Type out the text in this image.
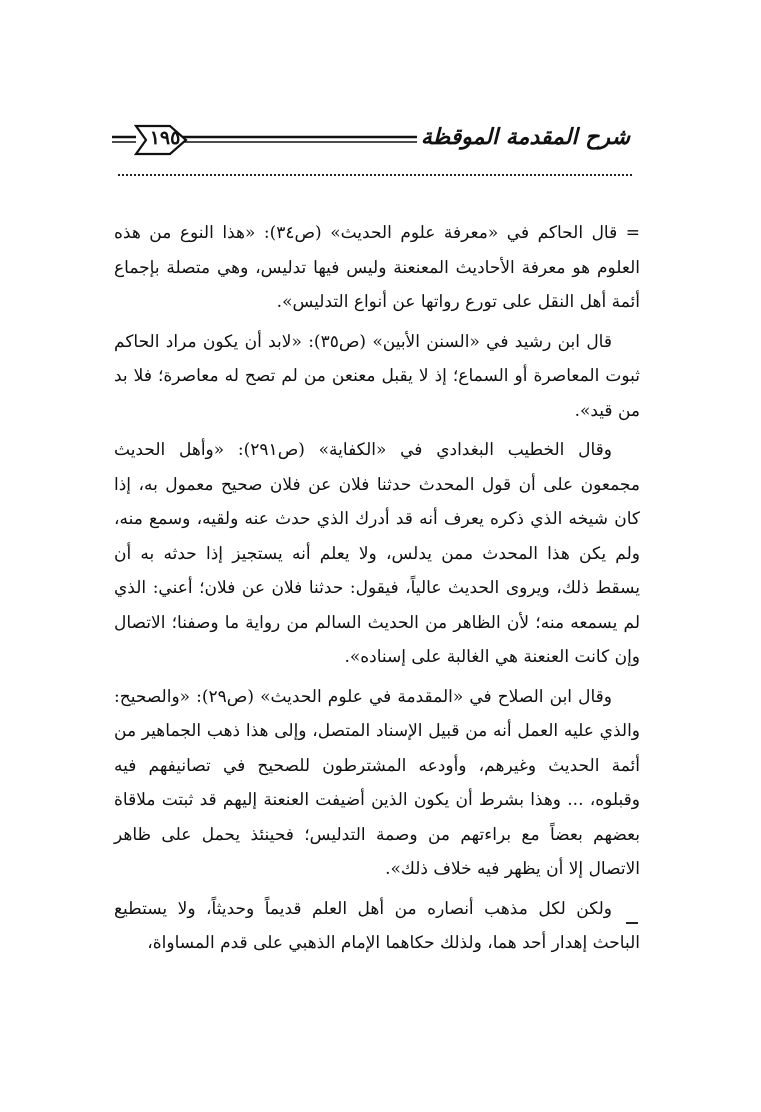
١٩٥	شرح المقدمة الموقظة

= قال الحاكم في «معرفة علوم الحديث» (ص٣٤): «هذا النوع من هذه العلوم هو معرفة الأحاديث المعنعنة وليس فيها تدليس، وهي متصلة بإجماع أئمة أهل النقل على تورع رواتها عن أنواع التدليس».

قال ابن رشيد في «السنن الأبين» (ص٣٥): «لابد أن يكون مراد الحاكم ثبوت المعاصرة أو السماع؛ إذ لا يقبل معنعن من لم تصح له معاصرة؛ فلا بد من قيد».

وقال الخطيب البغدادي في «الكفاية» (ص٢٩١): «وأهل الحديث مجمعون على أن قول المحدث حدثنا فلان عن فلان صحيح معمول به، إذا كان شيخه الذي ذكره يعرف أنه قد أدرك الذي حدث عنه ولقيه، وسمع منه، ولم يكن هذا المحدث ممن يدلس، ولا يعلم أنه يستجيز إذا حدثه به أن يسقط ذلك، ويروى الحديث عالياً، فيقول: حدثنا فلان عن فلان؛ أعني: الذي لم يسمعه منه؛ لأن الظاهر من الحديث السالم من رواية ما وصفنا؛ الاتصال وإن كانت العنعنة هي الغالبة على إسناده».

وقال ابن الصلاح في «المقدمة في علوم الحديث» (ص٢٩): «والصحيح: والذي عليه العمل أنه من قبيل الإسناد المتصل، وإلى هذا ذهب الجماهير من أئمة الحديث وغيرهم، وأودعه المشترطون للصحيح في تصانيفهم فيه وقبلوه، ... وهذا بشرط أن يكون الذين أضيفت العنعنة إليهم قد ثبتت ملاقاة بعضهم بعضاً مع براءتهم من وصمة التدليس؛ فحينئذ يحمل على ظاهر الاتصال إلا أن يظهر فيه خلاف ذلك».

ولكن لكل مذهب أنصاره من أهل العلم قديماً وحديثاً، ولا يستطيع الباحث إهدار أحد هما، ولذلك حكاهما الإمام الذهبي على قدم المساواة،
